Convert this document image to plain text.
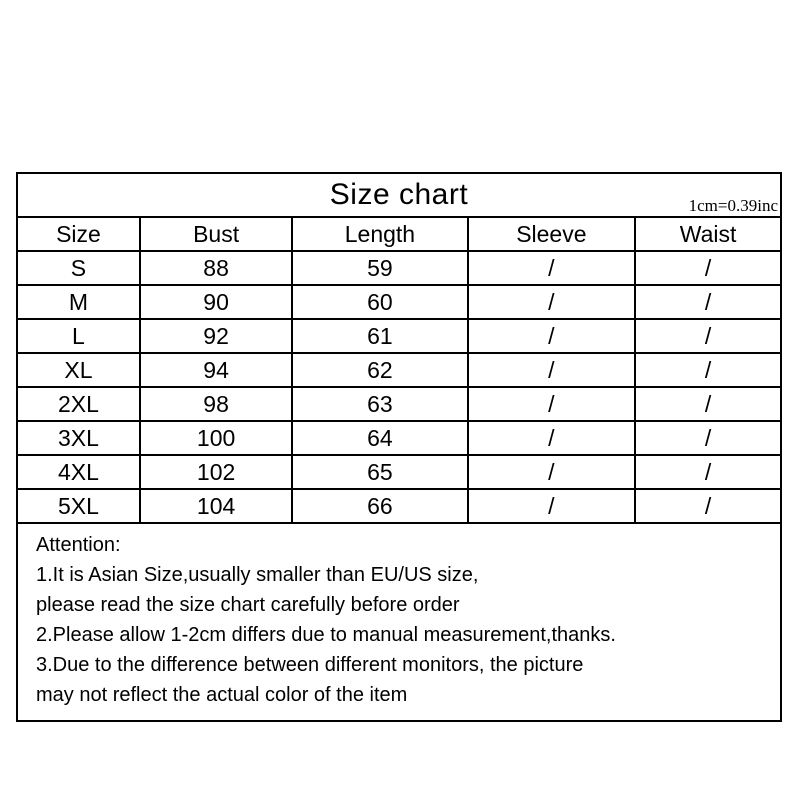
Size chart	1cm=0.39inc
Size	Bust	Length	Sleeve	Waist
S	88	59	/	/
M	90	60	/	/
L	92	61	/	/
XL	94	62	/	/
2XL	98	63	/	/
3XL	100	64	/	/
4XL	102	65	/	/
5XL	104	66	/	/
Attention:
1.It is Asian Size,usually smaller than EU/US size,
please read the size chart carefully before order
2.Please allow 1-2cm differs due to manual measurement,thanks.
3.Due to the difference between different monitors, the picture
may not reflect the actual color of the item
